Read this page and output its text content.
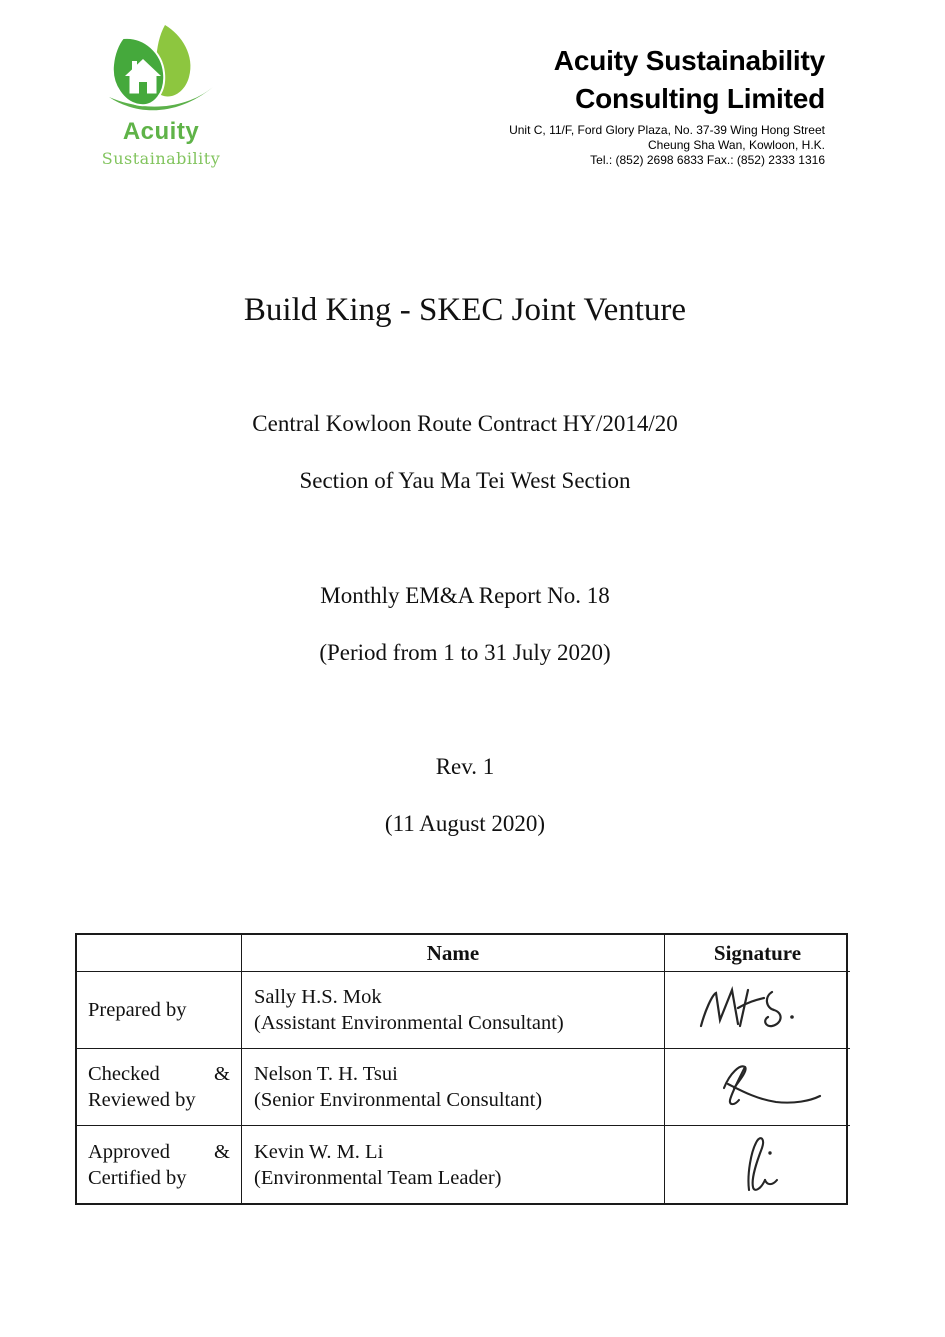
Acuity
Sustainability
Acuity Sustainability
Consulting Limited
Unit C, 11/F, Ford Glory Plaza, No. 37-39 Wing Hong Street
Cheung Sha Wan, Kowloon, H.K.
Tel.: (852) 2698 6833 Fax.: (852) 2333 1316
Build King - SKEC Joint Venture
Central Kowloon Route Contract HY/2014/20
Section of Yau Ma Tei West Section
Monthly EM&A Report No. 18
(Period from 1 to 31 July 2020)
Rev. 1
(11 August 2020)
Name	Signature
Prepared by
Sally H.S. Mok
(Assistant Environmental Consultant)
Checked	&
Reviewed by
Nelson T. H. Tsui
(Senior Environmental Consultant)
Approved &
Certified by
Kevin W. M. Li
(Environmental Team Leader)
